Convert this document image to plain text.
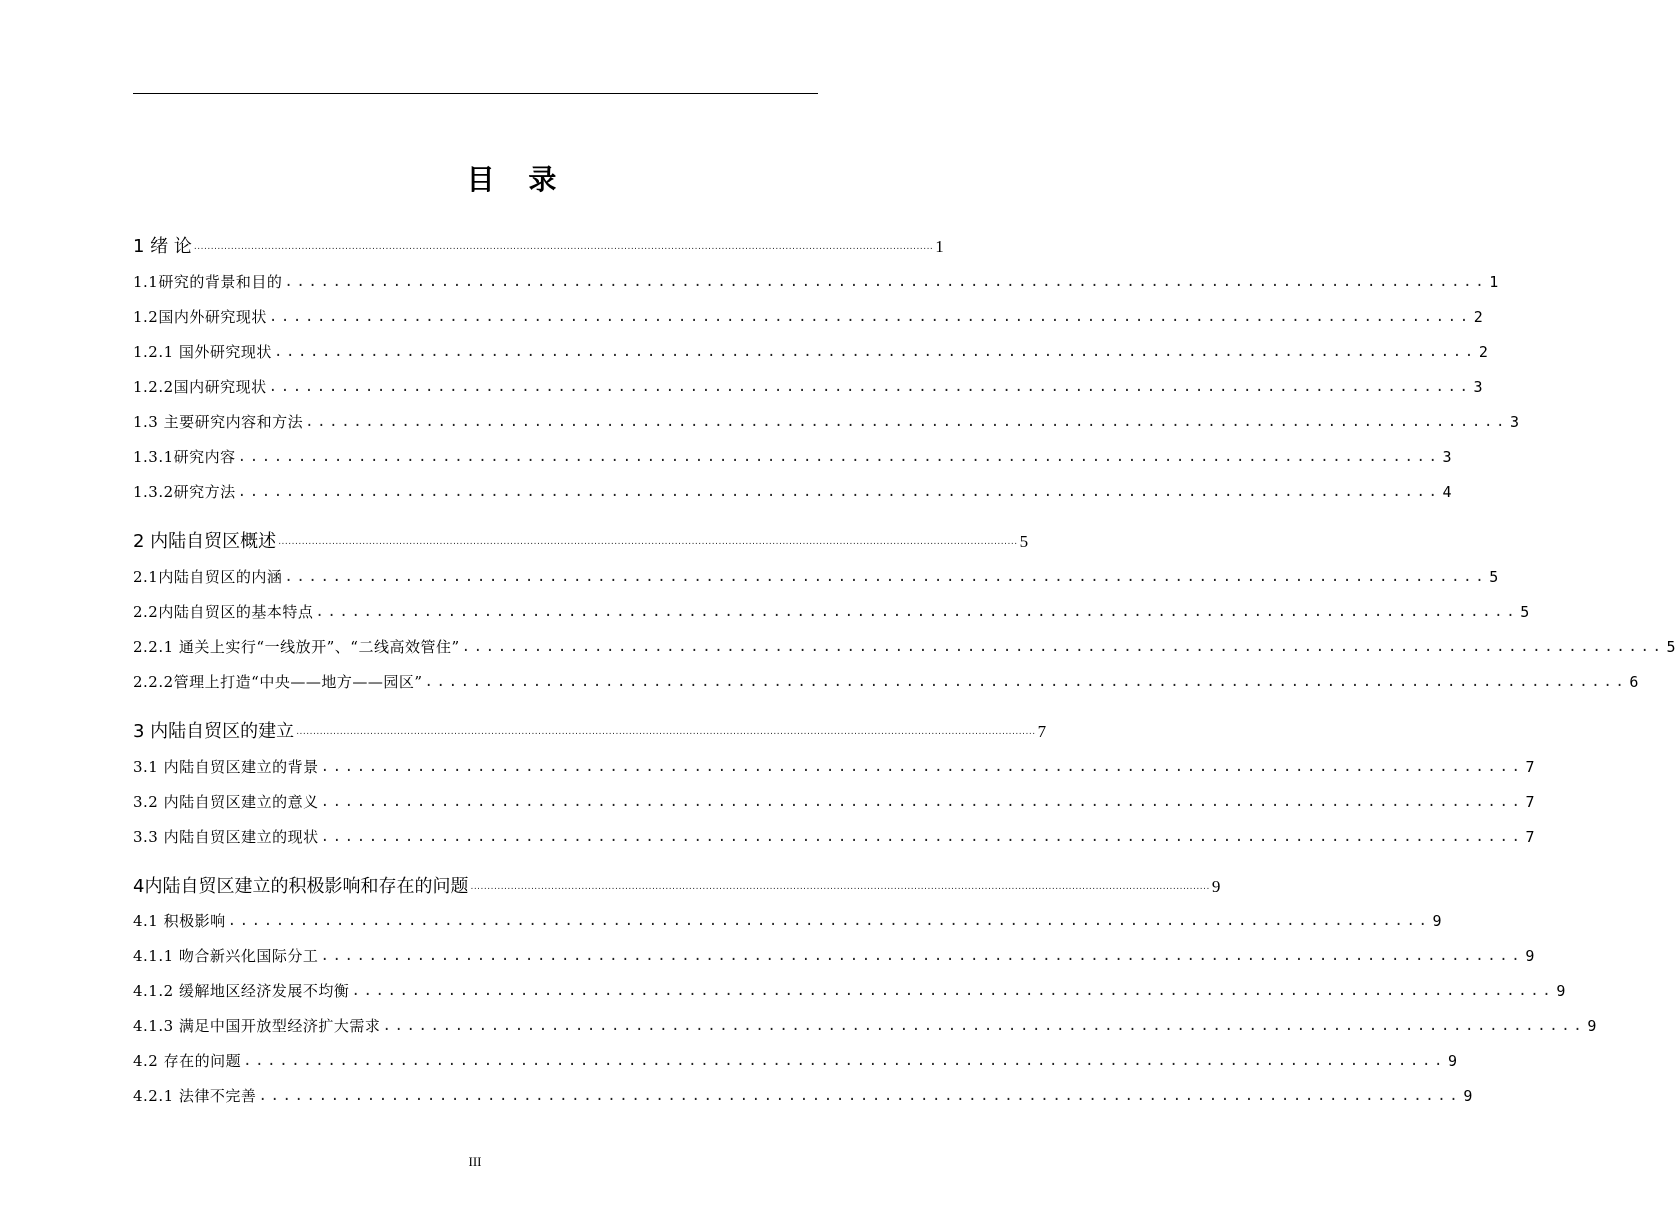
目 录
1 绪 论 ............................................................................................................................................................................................................................ 1
1.1研究的背景和目的 .................................................................................................... 1
1.2国内外研究现状 .................................................................................................... 2
1.2.1 国外研究现状 .................................................................................................... 2
1.2.2国内研究现状 .................................................................................................... 3
1.3 主要研究内容和方法 .................................................................................................... 3
1.3.1研究内容 .................................................................................................... 3
1.3.2研究方法 .................................................................................................... 4
2 内陆自贸区概述 ............................................................................................................................................................................................................................ 5
2.1内陆自贸区的内涵 .................................................................................................... 5
2.2内陆自贸区的基本特点 .................................................................................................... 5
2.2.1 通关上实行“一线放开”、“二线高效管住” .................................................................................................... 5
2.2.2管理上打造“中央——地方——园区” .................................................................................................... 6
3 内陆自贸区的建立 ............................................................................................................................................................................................................................ 7
3.1 内陆自贸区建立的背景 .................................................................................................... 7
3.2 内陆自贸区建立的意义 .................................................................................................... 7
3.3 内陆自贸区建立的现状 .................................................................................................... 7
4内陆自贸区建立的积极影响和存在的问题 ............................................................................................................................................................................................................................ 9
4.1 积极影响 .................................................................................................... 9
4.1.1 吻合新兴化国际分工 .................................................................................................... 9
4.1.2 缓解地区经济发展不均衡 .................................................................................................... 9
4.1.3 满足中国开放型经济扩大需求 .................................................................................................... 9
4.2 存在的问题 .................................................................................................... 9
4.2.1 法律不完善 .................................................................................................... 9
III
